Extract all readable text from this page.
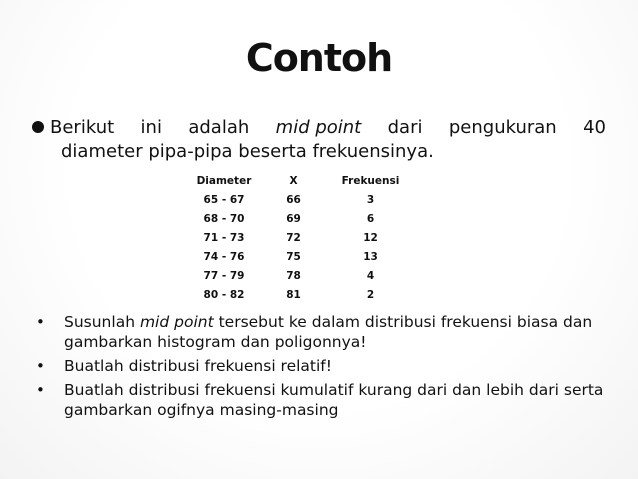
Contoh
Berikut ini adalah mid point dari pengukuran 40
diameter pipa-pipa beserta frekuensinya.
Diameter	X	Frekuensi
65 - 67	66	3
68 - 70	69	6
71 - 73	72	12
74 - 76	75	13
77 - 79	78	4
80 - 82	81	2
• Susunlah mid point tersebut ke dalam distribusi frekuensi biasa dan gambarkan histogram dan poligonnya!
• Buatlah distribusi frekuensi relatif!
• Buatlah distribusi frekuensi kumulatif kurang dari dan lebih dari serta gambarkan ogifnya masing-masing
